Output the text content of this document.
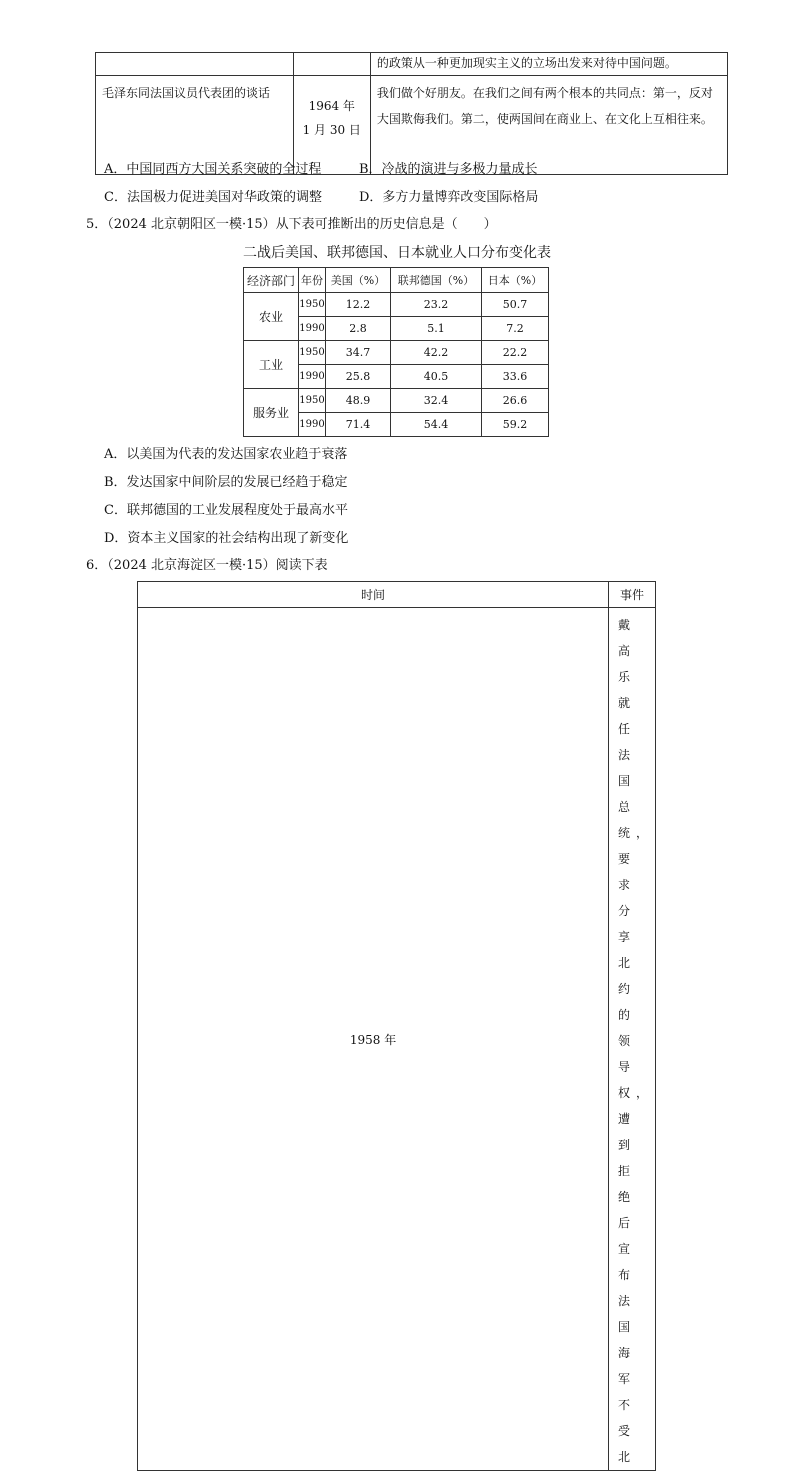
		的政策从一种更加现实主义的立场出发来对待中国问题。
毛泽东同法国议员代表团的谈话	1964 年
1 月 30 日	我们做个好朋友。在我们之间有两个根本的共同点：第一，反对大国欺侮我们。第二，使两国间在商业上、在文化上互相往来。
A．中国同西方大国关系突破的全过程	B．冷战的演进与多极力量成长
C．法国极力促进美国对华政策的调整	D．多方力量博弈改变国际格局
5．（2024 北京朝阳区一模·15）从下表可推断出的历史信息是（　　）
二战后美国、联邦德国、日本就业人口分布变化表
经济部门	年份	美国（%）	联邦德国（%）	日本（%）
农业	1950	12.2	23.2	50.7
	1990	2.8	5.1	7.2
工业	1950	34.7	42.2	22.2
	1990	25.8	40.5	33.6
服务业	1950	48.9	32.4	26.6
	1990	71.4	54.4	59.2
A．以美国为代表的发达国家农业趋于衰落
B．发达国家中间阶层的发展已经趋于稳定
C．联邦德国的工业发展程度处于最高水平
D．资本主义国家的社会结构出现了新变化
6．（2024 北京海淀区一模·15）阅读下表
时间	事件
1958 年	戴高乐就任法国总统，要求分享北约的领导权，遭到拒绝后宣布法国海军不受北
